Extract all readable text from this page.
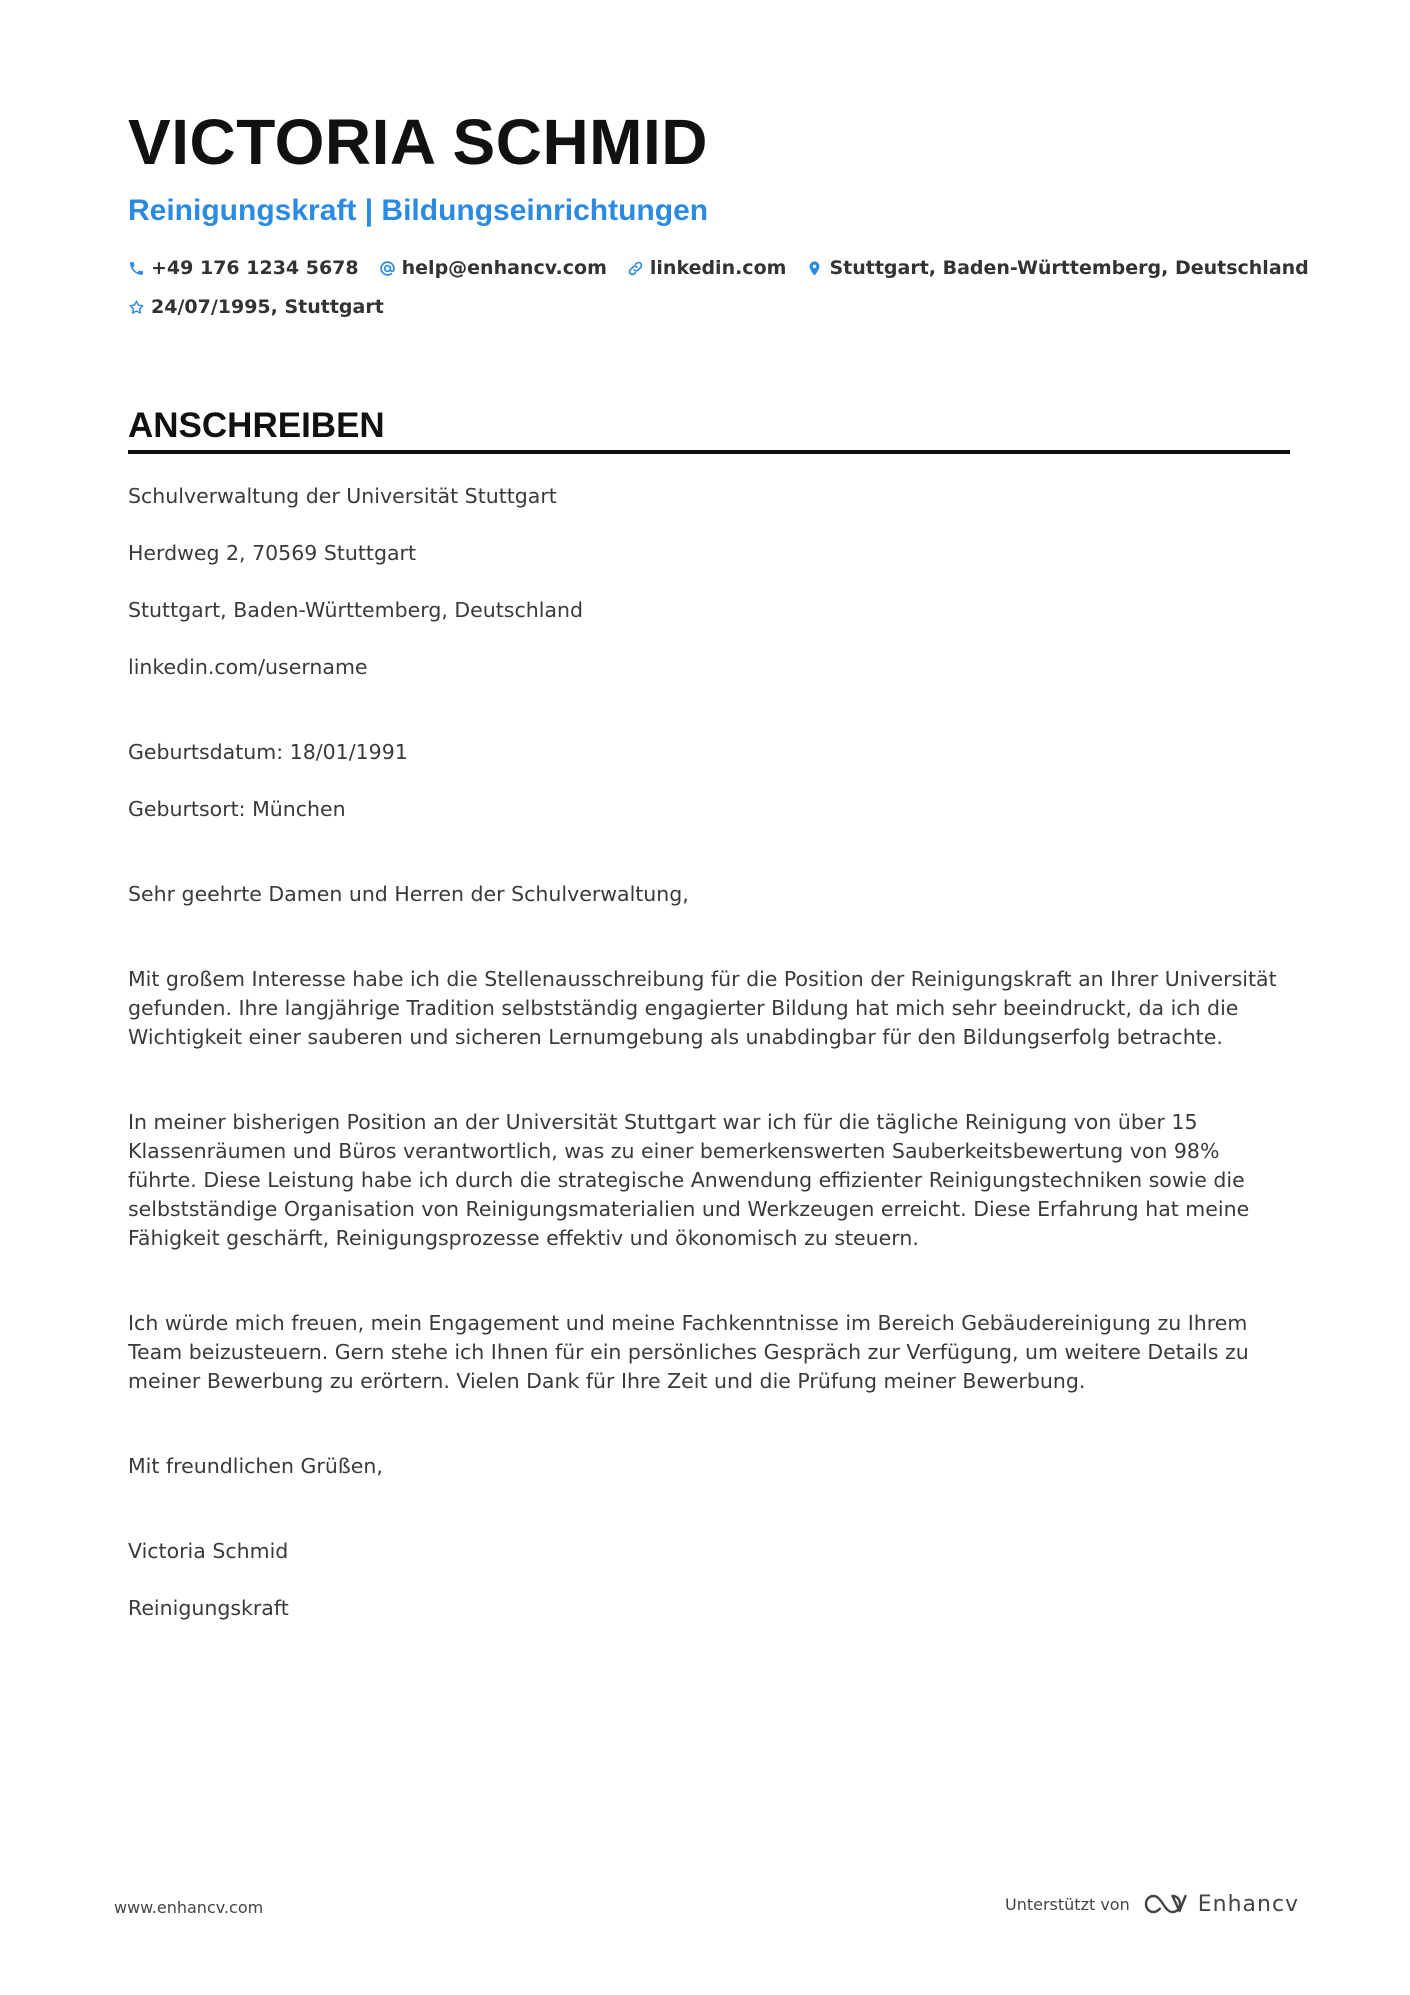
VICTORIA SCHMID
Reinigungskraft | Bildungseinrichtungen
+49 176 1234 5678 help@enhancv.com linkedin.com Stuttgart, Baden-Württemberg, Deutschland
24/07/1995, Stuttgart
ANSCHREIBEN

Schulverwaltung der Universität Stuttgart

Herdweg 2, 70569 Stuttgart

Stuttgart, Baden-Württemberg, Deutschland

linkedin.com/username

Geburtsdatum: 18/01/1991

Geburtsort: München

Sehr geehrte Damen und Herren der Schulverwaltung,

Mit großem Interesse habe ich die Stellenausschreibung für die Position der Reinigungskraft an Ihrer Universität gefunden. Ihre langjährige Tradition selbstständig engagierter Bildung hat mich sehr beeindruckt, da ich die Wichtigkeit einer sauberen und sicheren Lernumgebung als unabdingbar für den Bildungserfolg betrachte.

In meiner bisherigen Position an der Universität Stuttgart war ich für die tägliche Reinigung von über 15 Klassenräumen und Büros verantwortlich, was zu einer bemerkenswerten Sauberkeitsbewertung von 98% führte. Diese Leistung habe ich durch die strategische Anwendung effizienter Reinigungstechniken sowie die selbstständige Organisation von Reinigungsmaterialien und Werkzeugen erreicht. Diese Erfahrung hat meine Fähigkeit geschärft, Reinigungsprozesse effektiv und ökonomisch zu steuern.

Ich würde mich freuen, mein Engagement und meine Fachkenntnisse im Bereich Gebäudereinigung zu Ihrem Team beizusteuern. Gern stehe ich Ihnen für ein persönliches Gespräch zur Verfügung, um weitere Details zu meiner Bewerbung zu erörtern. Vielen Dank für Ihre Zeit und die Prüfung meiner Bewerbung.

Mit freundlichen Grüßen,

Victoria Schmid

Reinigungskraft

www.enhancv.com	Unterstützt von	Enhancv
